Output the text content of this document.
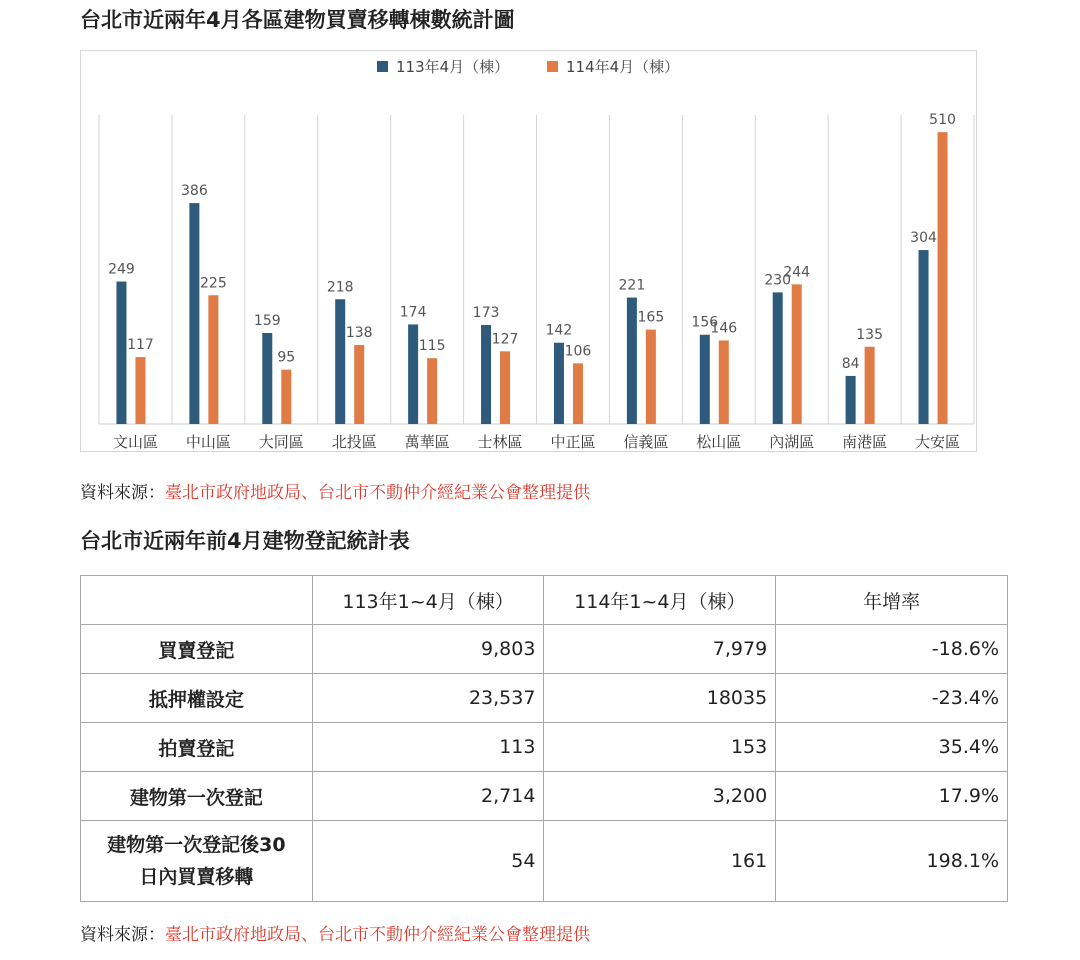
台北市近兩年4月各區建物買賣移轉棟數統計圖
113年4月（棟）	114年4月（棟）
249
117
文山區
386
225
中山區
159
95
大同區
218
138
北投區
174
115
萬華區
173
127
士林區
142
106
中正區
221
165
信義區
156
146
松山區
230
244
內湖區
84
135
南港區
304
510
大安區
資料來源：臺北市政府地政局、台北市不動仲介經紀業公會整理提供
台北市近兩年前4月建物登記統計表
	113年1~4月（棟）	114年1~4月（棟）	年增率
買賣登記	9,803	7,979	-18.6%
抵押權設定	23,537	18035	-23.4%
拍賣登記	113	153	35.4%
建物第一次登記	2,714	3,200	17.9%
建物第一次登記後30
日內買賣移轉	54	161	198.1%
資料來源：臺北市政府地政局、台北市不動仲介經紀業公會整理提供
